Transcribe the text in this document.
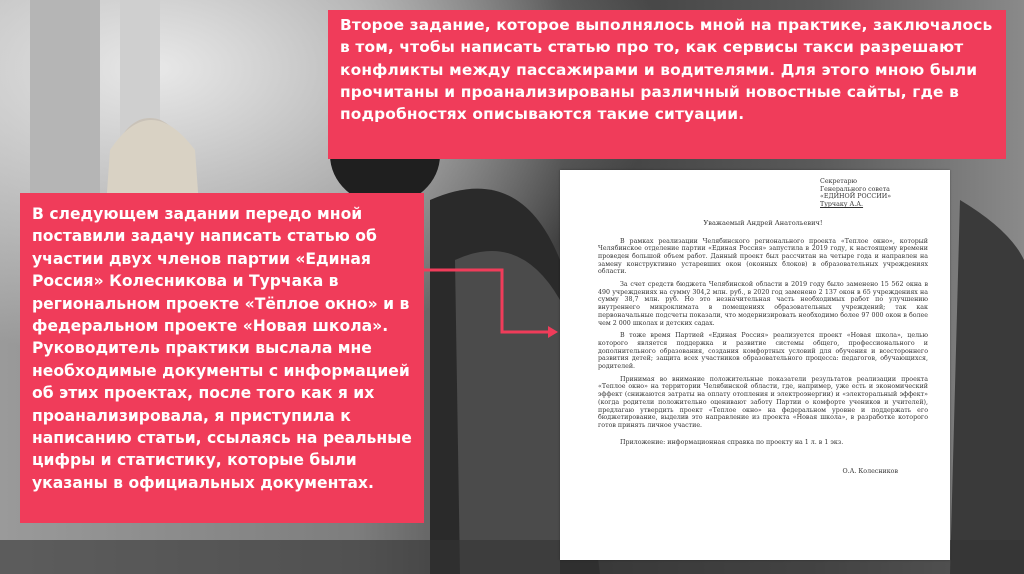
Второе задание, которое выполнялось мной на практике, заключалось в том, чтобы написать статью про то, как сервисы такси разрешают конфликты между пассажирами и водителями. Для этого мною были прочитаны и проанализированы различный новостные сайты, где в подробностях описываются такие ситуации.

В следующем задании передо мной поставили задачу написать статью об участии двух членов партии «Единая Россия» Колесникова и Турчака в региональном проекте «Тёплое окно» и в федеральном проекте «Новая школа». Руководитель практики выслала мне необходимые документы с информацией об этих проектах, после того как я их проанализировала, я приступила к написанию статьи, ссылаясь на реальные цифры и статистику, которые были указаны в официальных документах.

Секретарю
Генерального совета
«ЕДИНОЙ РОССИИ»
Турчаку А.А.
Уважаемый Андрей Анатольевич!

В рамках реализации Челябинского регионального проекта «Теплое окно», который Челябинское отделение партии «Единая Россия» запустила в 2019 году, к настоящему времени проведен большой объем работ. Данный проект был рассчитан на четыре года и направлен на замену конструктивно устаревших окон (оконных блоков) в образовательных учреждениях области.

За счет средств бюджета Челябинской области в 2019 году было заменено 15 562 окна в 490 учреждениях на сумму 304,2 млн. руб., в 2020 год заменено 2 137 окон в 65 учреждениях на сумму 38,7 млн. руб. Но это незначительная часть необходимых работ по улучшению внутреннего микроклимата в помещениях образовательных учреждений; так как первоначальные подсчеты показали, что модернизировать необходимо более 97 000 окон в более чем 2 000 школах и детских садах.

В тоже время Партией «Единая Россия» реализуется проект «Новая школа», целью которого является поддержка и развитие системы общего, профессионального и дополнительного образования, создания комфортных условий для обучения и всестороннего развития детей; защита всех участников образовательного процесса: педагогов, обучающихся, родителей.

Принимая во внимание положительные показатели результатов реализации проекта «Теплое окно» на территории Челябинской области, где, например, уже есть и экономический эффект (снижаются затраты на оплату отопления и электроэнергии) и «электоральный эффект» (когда родители положительно оценивают заботу Партии о комфорте учеников и учителей), предлагаю утвердить проект «Теплое окно» на федеральном уровне и поддержать его бюджетирование, выделив это направление из проекта «Новая школа», в разработке которого готов принять личное участие.

Приложение: информационная справка по проекту на 1 л. в 1 экз.
О.А. Колесников
